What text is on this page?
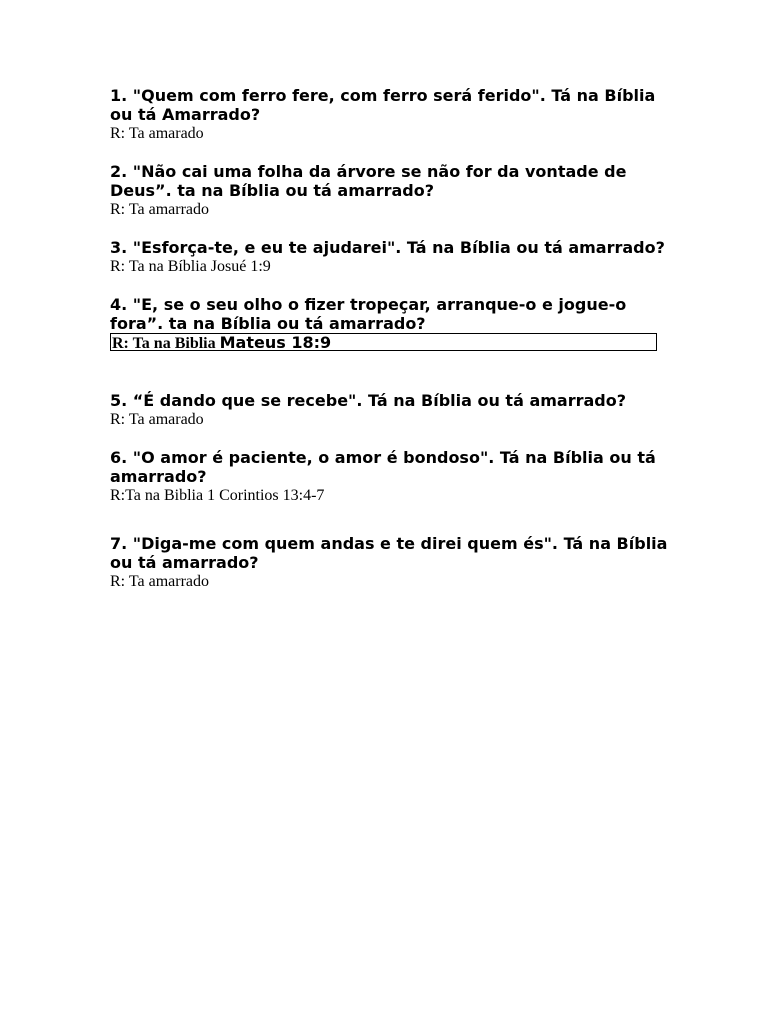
1. "Quem com ferro fere, com ferro será ferido". Tá na Bíblia ou tá Amarrado?

R: Ta amarado

2. "Não cai uma folha da árvore se não for da vontade de Deus”. ta na Bíblia ou tá amarrado?

R: Ta amarrado

3. "Esforça-te, e eu te ajudarei". Tá na Bíblia ou tá amarrado?

R: Ta na Bíblia Josué 1:9

4. "E, se o seu olho o fizer tropeçar, arranque-o e jogue-o fora”. ta na Bíblia ou tá amarrado?

R: Ta na Biblia Mateus 18:9

5. “É dando que se recebe". Tá na Bíblia ou tá amarrado?

R: Ta amarado

6. "O amor é paciente, o amor é bondoso". Tá na Bíblia ou tá amarrado?

R:Ta na Biblia 1 Corintios 13:4-7

7. "Diga-me com quem andas e te direi quem és". Tá na Bíblia ou tá amarrado?

R: Ta amarrado
